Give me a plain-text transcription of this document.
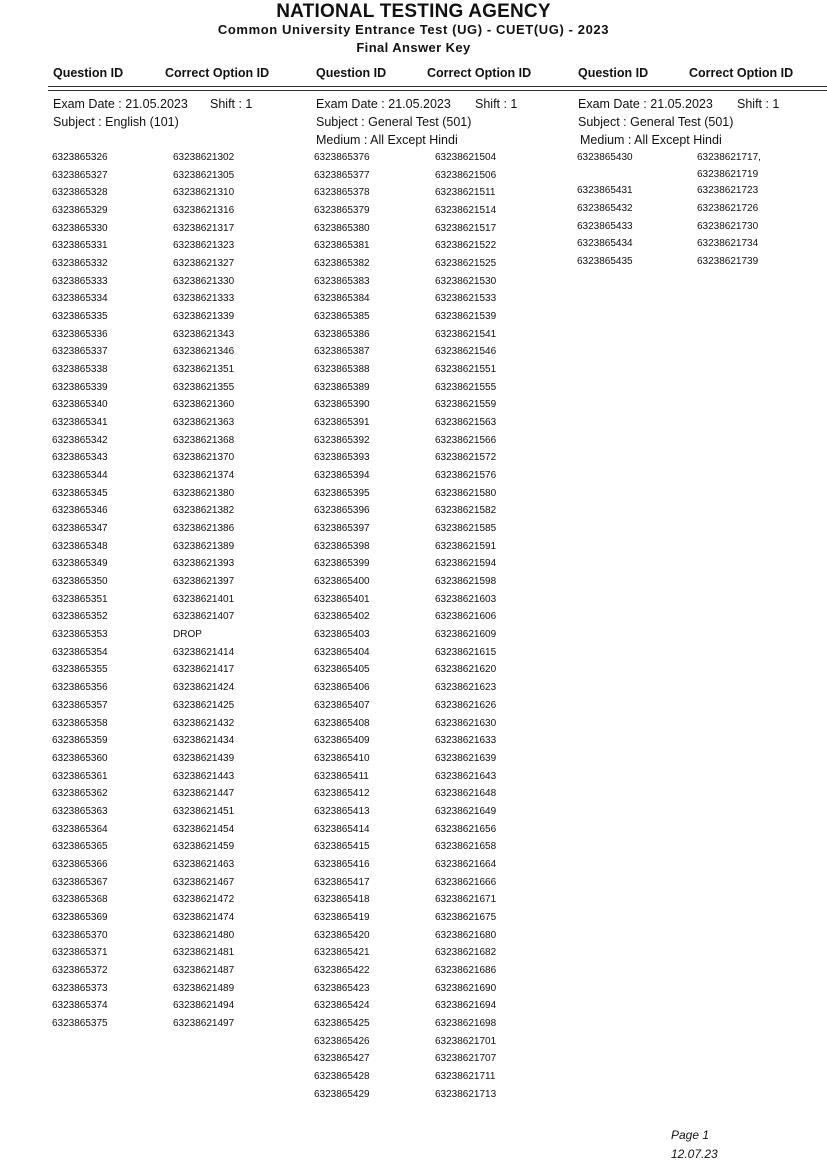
NATIONAL TESTING AGENCY
Common University Entrance Test (UG) - CUET(UG) - 2023
Final Answer Key
Question ID	Correct Option ID	Question ID	Correct Option ID	Question ID	Correct Option ID
Exam Date : 21.05.2023 Shift : 1
Subject : English (101)
Exam Date : 21.05.2023 Shift : 1
Subject : General Test (501)
Medium : All Except Hindi
Exam Date : 21.05.2023 Shift : 1
Subject : General Test (501)
Medium : All Except Hindi
6323865326	63238621302
6323865327	63238621305
6323865328	63238621310
6323865329	63238621316
6323865330	63238621317
6323865331	63238621323
6323865332	63238621327
6323865333	63238621330
6323865334	63238621333
6323865335	63238621339
6323865336	63238621343
6323865337	63238621346
6323865338	63238621351
6323865339	63238621355
6323865340	63238621360
6323865341	63238621363
6323865342	63238621368
6323865343	63238621370
6323865344	63238621374
6323865345	63238621380
6323865346	63238621382
6323865347	63238621386
6323865348	63238621389
6323865349	63238621393
6323865350	63238621397
6323865351	63238621401
6323865352	63238621407
6323865353	DROP
6323865354	63238621414
6323865355	63238621417
6323865356	63238621424
6323865357	63238621425
6323865358	63238621432
6323865359	63238621434
6323865360	63238621439
6323865361	63238621443
6323865362	63238621447
6323865363	63238621451
6323865364	63238621454
6323865365	63238621459
6323865366	63238621463
6323865367	63238621467
6323865368	63238621472
6323865369	63238621474
6323865370	63238621480
6323865371	63238621481
6323865372	63238621487
6323865373	63238621489
6323865374	63238621494
6323865375	63238621497
6323865376	63238621504
6323865377	63238621506
6323865378	63238621511
6323865379	63238621514
6323865380	63238621517
6323865381	63238621522
6323865382	63238621525
6323865383	63238621530
6323865384	63238621533
6323865385	63238621539
6323865386	63238621541
6323865387	63238621546
6323865388	63238621551
6323865389	63238621555
6323865390	63238621559
6323865391	63238621563
6323865392	63238621566
6323865393	63238621572
6323865394	63238621576
6323865395	63238621580
6323865396	63238621582
6323865397	63238621585
6323865398	63238621591
6323865399	63238621594
6323865400	63238621598
6323865401	63238621603
6323865402	63238621606
6323865403	63238621609
6323865404	63238621615
6323865405	63238621620
6323865406	63238621623
6323865407	63238621626
6323865408	63238621630
6323865409	63238621633
6323865410	63238621639
6323865411	63238621643
6323865412	63238621648
6323865413	63238621649
6323865414	63238621656
6323865415	63238621658
6323865416	63238621664
6323865417	63238621666
6323865418	63238621671
6323865419	63238621675
6323865420	63238621680
6323865421	63238621682
6323865422	63238621686
6323865423	63238621690
6323865424	63238621694
6323865425	63238621698
6323865426	63238621701
6323865427	63238621707
6323865428	63238621711
6323865429	63238621713
6323865430	63238621717,
63238621719
6323865431	63238621723
6323865432	63238621726
6323865433	63238621730
6323865434	63238621734
6323865435	63238621739
Page 1
12.07.23
